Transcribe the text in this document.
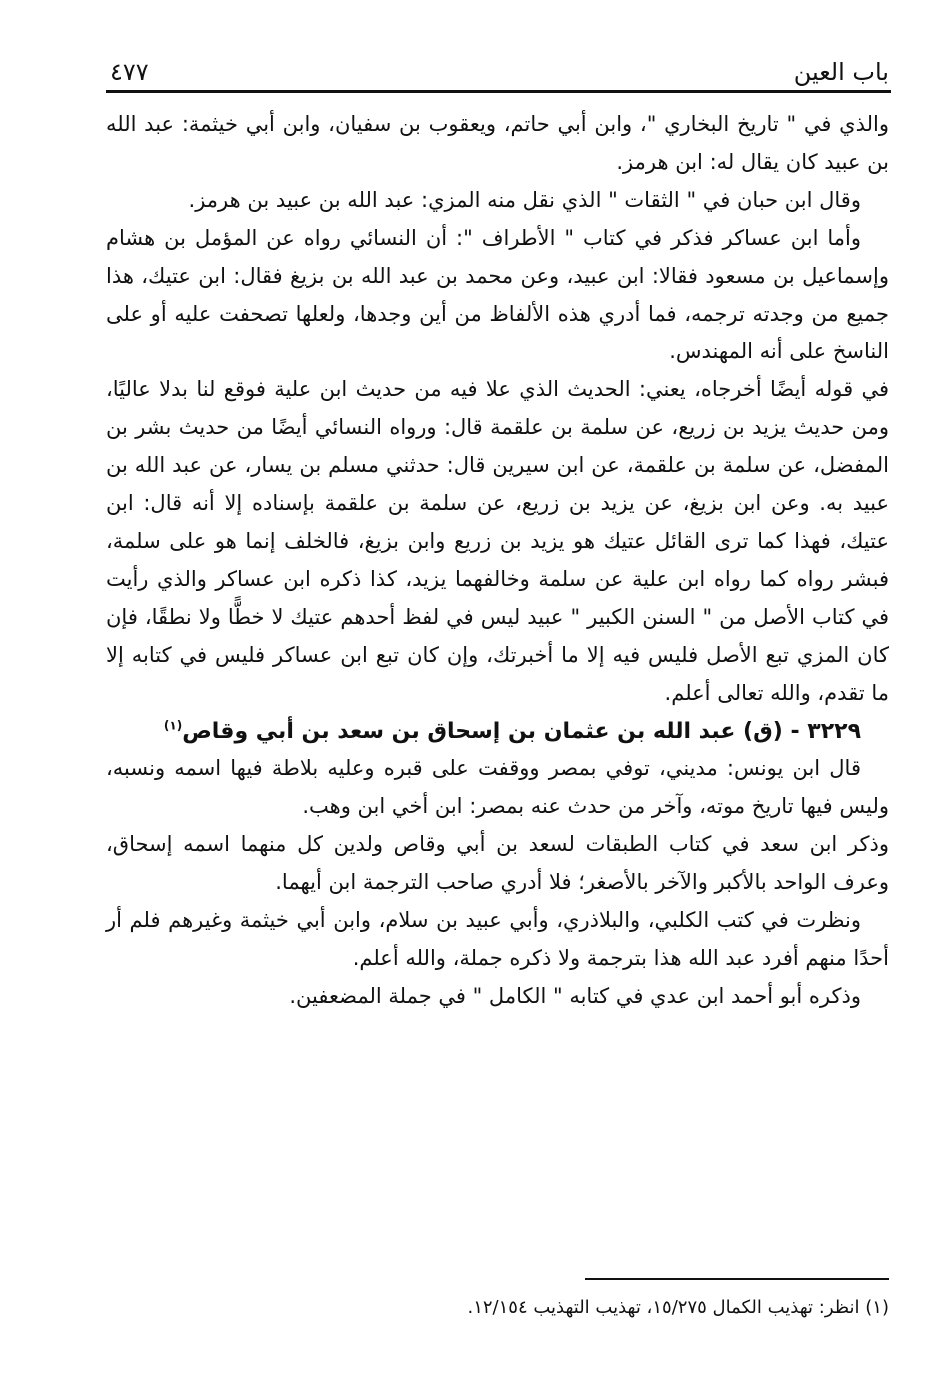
باب العين
٤٧٧

والذي في " تاريخ البخاري "، وابن أبي حاتم، ويعقوب بن سفيان، وابن أبي خيثمة: عبد الله بن عبيد كان يقال له: ابن هرمز.

وقال ابن حبان في " الثقات " الذي نقل منه المزي: عبد الله بن عبيد بن هرمز.

وأما ابن عساكر فذكر في كتاب " الأطراف ": أن النسائي رواه عن المؤمل بن هشام وإسماعيل بن مسعود فقالا: ابن عبيد، وعن محمد بن عبد الله بن بزيغ فقال: ابن عتيك، هذا جميع من وجدته ترجمه، فما أدري هذه الألفاظ من أين وجدها، ولعلها تصحفت عليه أو على الناسخ على أنه المهندس.

في قوله أيضًا أخرجاه، يعني: الحديث الذي علا فيه من حديث ابن علية فوقع لنا بدلا عاليًا، ومن حديث يزيد بن زريع، عن سلمة بن علقمة قال: ورواه النسائي أيضًا من حديث بشر بن المفضل، عن سلمة بن علقمة، عن ابن سيرين قال: حدثني مسلم بن يسار، عن عبد الله بن عبيد به. وعن ابن بزيغ، عن يزيد بن زريع، عن سلمة بن علقمة بإسناده إلا أنه قال: ابن عتيك، فهذا كما ترى القائل عتيك هو يزيد بن زريع وابن بزيغ، فالخلف إنما هو على سلمة، فبشر رواه كما رواه ابن علية عن سلمة وخالفهما يزيد، كذا ذكره ابن عساكر والذي رأيت في كتاب الأصل من " السنن الكبير " عبيد ليس في لفظ أحدهم عتيك لا خطًّا ولا نطقًا، فإن كان المزي تبع الأصل فليس فيه إلا ما أخبرتك، وإن كان تبع ابن عساكر فليس في كتابه إلا ما تقدم، والله تعالى أعلم.

٣٢٢٩ - (ق) عبد الله بن عثمان بن إسحاق بن سعد بن أبي وقاص$^{(١)}$

قال ابن يونس: مديني، توفي بمصر ووقفت على قبره وعليه بلاطة فيها اسمه ونسبه، وليس فيها تاريخ موته، وآخر من حدث عنه بمصر: ابن أخي ابن وهب.

وذكر ابن سعد في كتاب الطبقات لسعد بن أبي وقاص ولدين كل منهما اسمه إسحاق، وعرف الواحد بالأكبر والآخر بالأصغر؛ فلا أدري صاحب الترجمة ابن أيهما.

ونظرت في كتب الكلبي، والبلاذري، وأبي عبيد بن سلام، وابن أبي خيثمة وغيرهم فلم أر أحدًا منهم أفرد عبد الله هذا بترجمة ولا ذكره جملة، والله أعلم.

وذكره أبو أحمد ابن عدي في كتابه " الكامل " في جملة المضعفين.

(١) انظر: تهذيب الكمال ١٥/٢٧٥، تهذيب التهذيب ١٢/١٥٤.
